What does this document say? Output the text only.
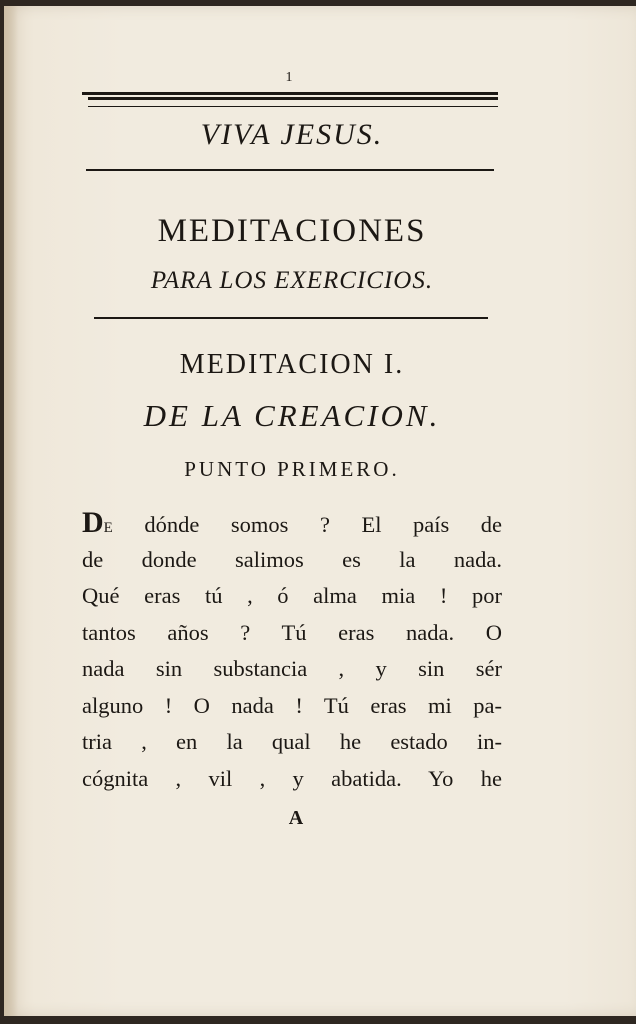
1
VIVA JESUS.
MEDITACIONES
PARA LOS EXERCICIOS.
MEDITACION I.
DE LA CREACION.
PUNTO PRIMERO.
DE dónde somos ? El país de
de donde salimos es la nada.
Qué eras tú , ó alma mia ! por
tantos años ? Tú eras nada. O
nada sin substancia , y sin sér
alguno ! O nada ! Tú eras mi pa-
tria , en la qual he estado in-
cógnita , vil , y abatida. Yo he
A
